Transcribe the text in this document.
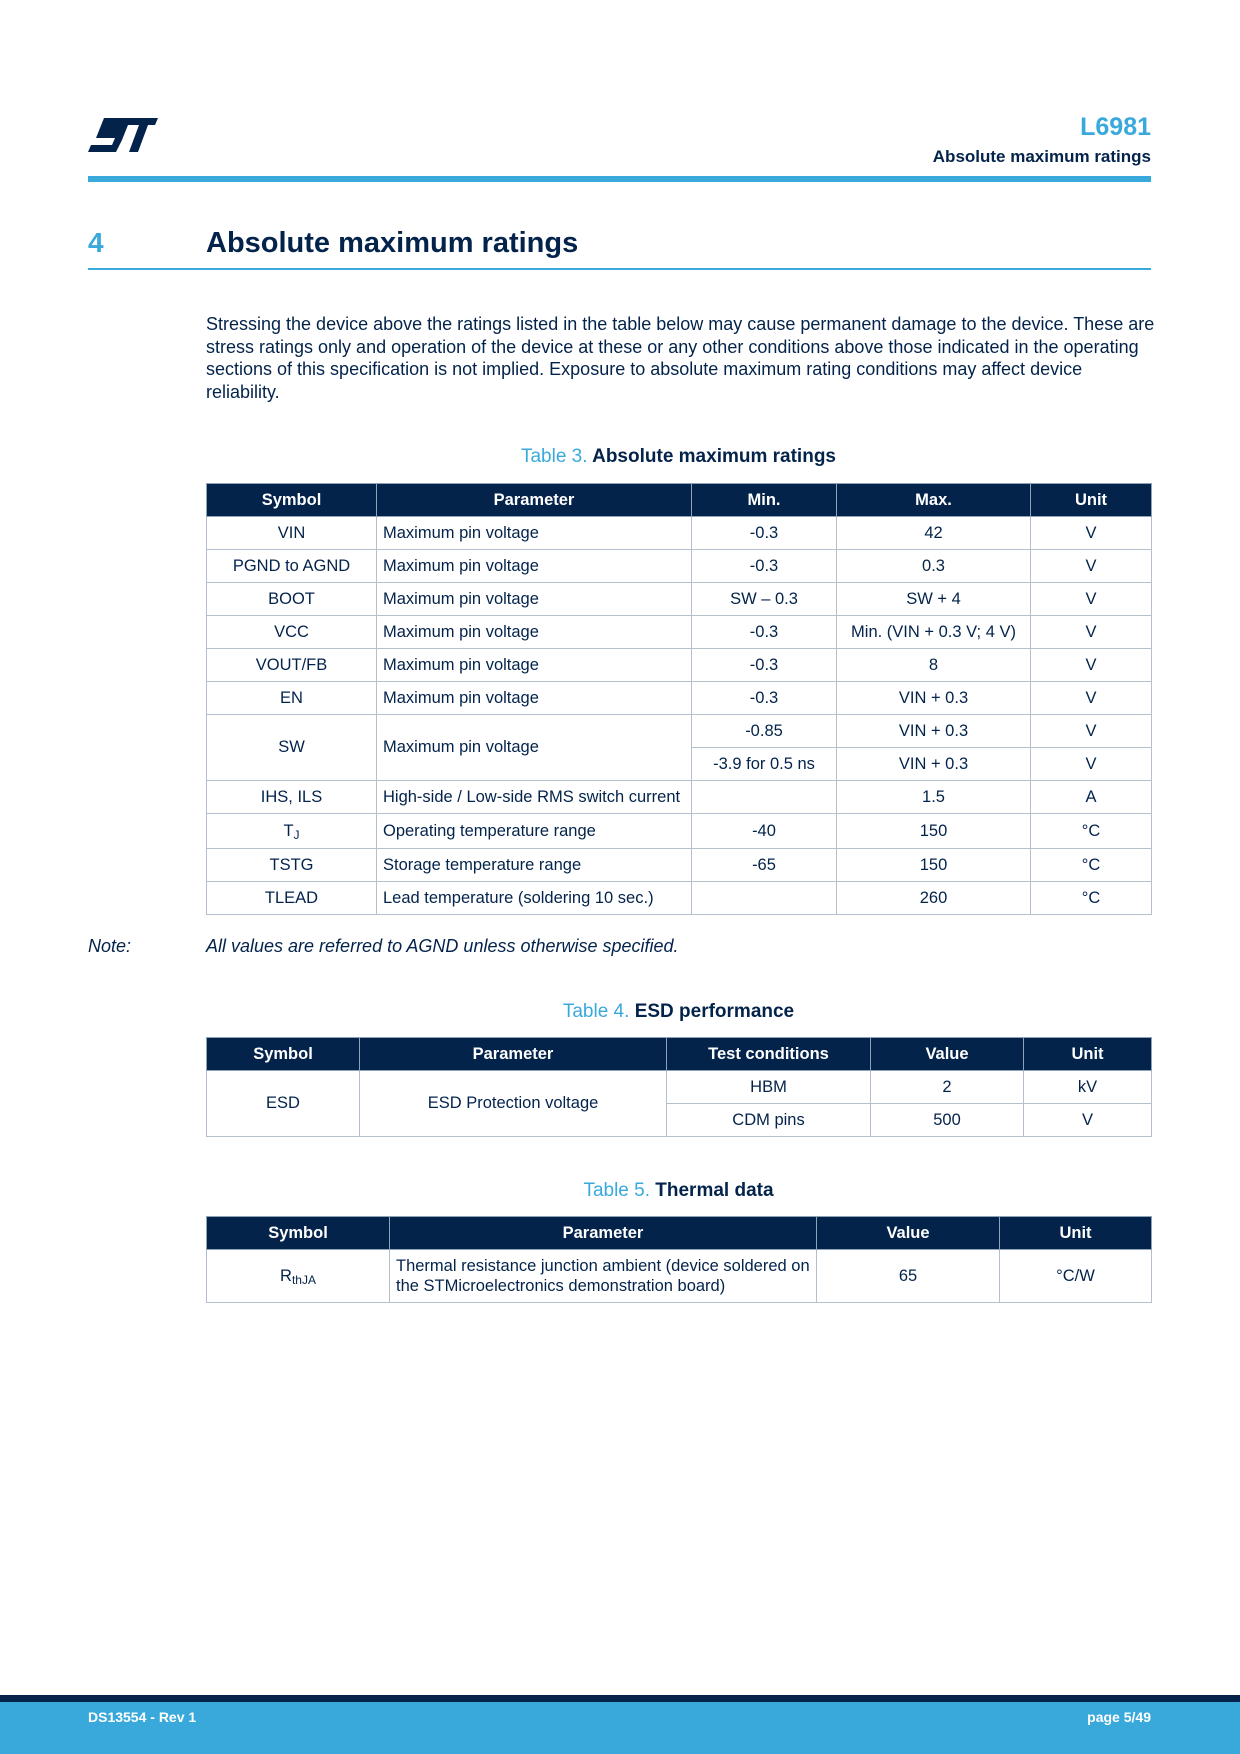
L6981
Absolute maximum ratings
4	Absolute maximum ratings

Stressing the device above the ratings listed in the table below may cause permanent damage to the device. These are stress ratings only and operation of the device at these or any other conditions above those indicated in the operating sections of this specification is not implied. Exposure to absolute maximum rating conditions may affect device reliability.

Table 3. Absolute maximum ratings
Symbol	Parameter	Min.	Max.	Unit
VIN	Maximum pin voltage	-0.3	42	V
PGND to AGND	Maximum pin voltage	-0.3	0.3	V
BOOT	Maximum pin voltage	SW – 0.3	SW + 4	V
VCC	Maximum pin voltage	-0.3	Min. (VIN + 0.3 V; 4 V)	V
VOUT/FB	Maximum pin voltage	-0.3	8	V
EN	Maximum pin voltage	-0.3	VIN + 0.3	V
SW	Maximum pin voltage	-0.85	VIN + 0.3	V
		-3.9 for 0.5 ns	VIN + 0.3	V
IHS, ILS	High-side / Low-side RMS switch current		1.5	A
$T_J$	Operating temperature range	-40	150	°C
TSTG	Storage temperature range	-65	150	°C
TLEAD	Lead temperature (soldering 10 sec.)		260	°C
Note:	All values are referred to AGND unless otherwise specified.
Table 4. ESD performance
Symbol	Parameter	Test conditions	Value	Unit
ESD	ESD Protection voltage	HBM	2	kV
		CDM pins	500	V
Table 5. Thermal data
Symbol	Parameter	Value	Unit
$R_{thJA}$	Thermal resistance junction ambient (device soldered on the STMicroelectronics demonstration board)	65	°C/W
DS13554 - Rev 1	page 5/49
